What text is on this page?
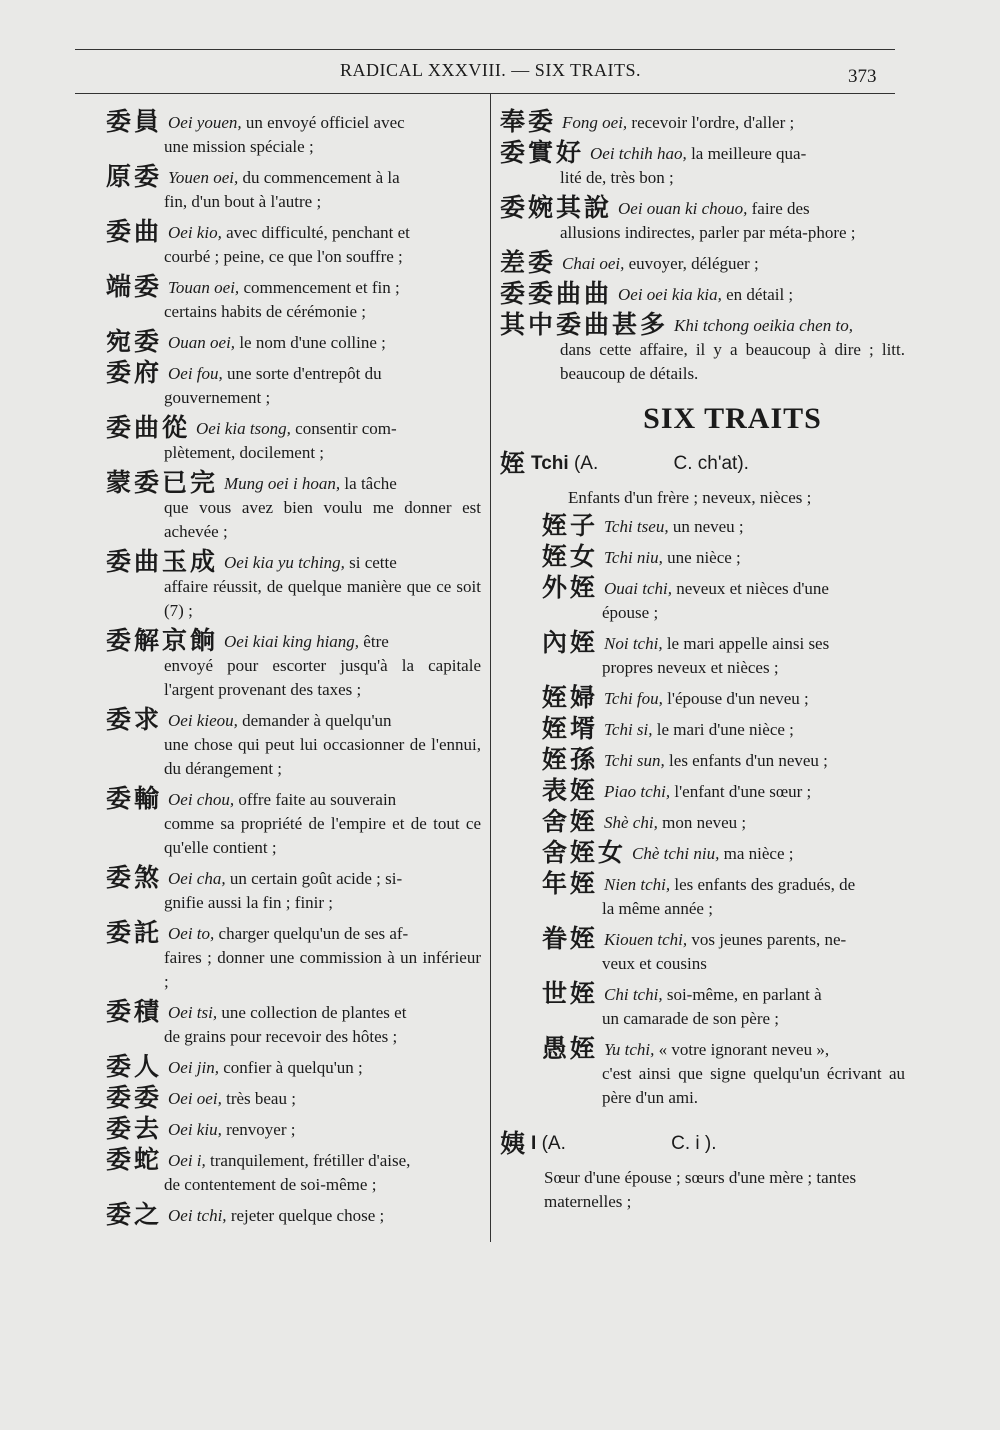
RADICAL XXXVIII. — SIX TRAITS.	373
委員 Oei youen, un envoyé officiel avec
une mission spéciale ;
原委 Youen oei, du commencement à la
fin, d'un bout à l'autre ;
委曲 Oei kio, avec difficulté, penchant et
courbé ; peine, ce que l'on souffre ;
端委 Touan oei, commencement et fin ;
certains habits de cérémonie ;
宛委 Ouan oei, le nom d'une colline ;
委府 Oei fou, une sorte d'entrepôt du
gouvernement ;
委曲從 Oei kia tsong, consentir com-
plètement, docilement ;
蒙委已完 Mung oei i hoan, la tâche
que vous avez bien voulu me donner est achevée ;
委曲玉成 Oei kia yu tching, si cette
affaire réussit, de quelque manière que ce soit (7) ;
委解京餉 Oei kiai king hiang, être
envoyé pour escorter jusqu'à la capitale l'argent provenant des taxes ;
委求 Oei kieou, demander à quelqu'un
une chose qui peut lui occasionner de l'ennui, du dérangement ;
委輸 Oei chou, offre faite au souverain
comme sa propriété de l'empire et de tout ce qu'elle contient ;
委煞 Oei cha, un certain goût acide ; si-
gnifie aussi la fin ; finir ;
委託 Oei to, charger quelqu'un de ses af-
faires ; donner une commission à un inférieur ;
委積 Oei tsi, une collection de plantes et
de grains pour recevoir des hôtes ;
委人 Oei jin, confier à quelqu'un ;
委委 Oei oei, très beau ;
委去 Oei kiu, renvoyer ;
委蛇 Oei i, tranquilement, frétiller d'aise,
de contentement de soi-même ;
委之 Oei tchi, rejeter quelque chose ;
奉委 Fong oei, recevoir l'ordre, d'aller ;
委實好 Oei tchih hao, la meilleure qua-
lité de, très bon ;
委婉其說 Oei ouan ki chouo, faire des
allusions indirectes, parler par méta-phore ;
差委 Chai oei, euvoyer, déléguer ;
委委曲曲 Oei oei kia kia, en détail ;
其中委曲甚多 Khi tchong oeikia chen to,
dans cette affaire, il y a beaucoup à dire ; litt. beaucoup de détails.
SIX TRAITS
姪 Tchi (A.	C. ch'at).
Enfants d'un frère ; neveux, nièces ;
姪子 Tchi tseu, un neveu ;
姪女 Tchi niu, une nièce ;
外姪 Ouai tchi, neveux et nièces d'une
épouse ;
內姪 Noi tchi, le mari appelle ainsi ses
propres neveux et nièces ;
姪婦 Tchi fou, l'épouse d'un neveu ;
姪壻 Tchi si, le mari d'une nièce ;
姪孫 Tchi sun, les enfants d'un neveu ;
表姪 Piao tchi, l'enfant d'une sœur ;
舍姪 Shè chi, mon neveu ;
舍姪女 Chè tchi niu, ma nièce ;
年姪 Nien tchi, les enfants des gradués, de
la même année ;
眷姪 Kiouen tchi, vos jeunes parents, ne-
veux et cousins
世姪 Chi tchi, soi-même, en parlant à
un camarade de son père ;
愚姪 Yu tchi, « votre ignorant neveu »,
c'est ainsi que signe quelqu'un écrivant au père d'un ami.
姨 I (A.	C. i ).
Sœur d'une épouse ; sœurs d'une mère ; tantes maternelles ;
